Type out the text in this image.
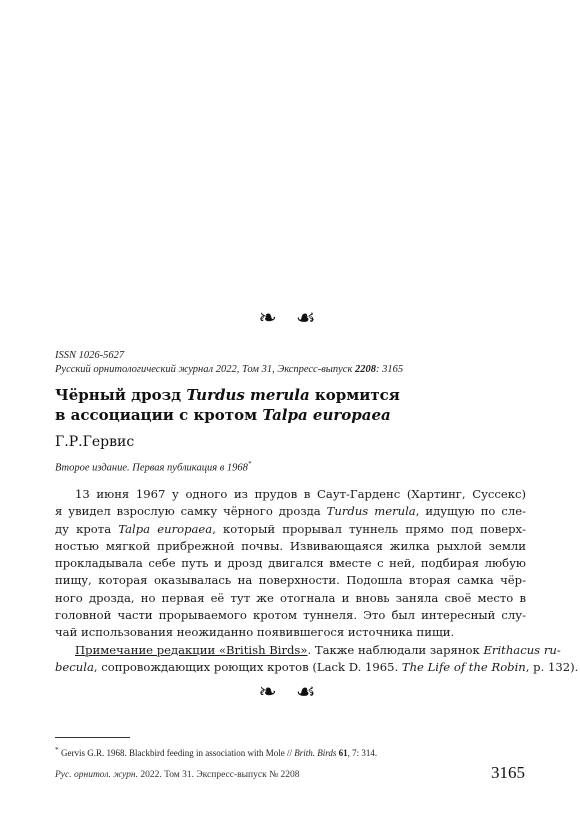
❧ ☙
ISSN 1026-5627
Русский орнитологический журнал 2022, Том 31, Экспресс-выпуск 2208: 3165
Чёрный дрозд Turdus merula кормится
в ассоциации с кротом Talpa europaea
Г.Р.Гервис
Второе издание. Первая публикация в 1968*
13 июня 1967 у одного из прудов в Саут-Гарденс (Хартинг, Суссекс)
я увидел взрослую самку чёрного дрозда Turdus merula, идущую по сле-
ду крота Talpa europaea, который прорывал туннель прямо под поверх-
ностью мягкой прибрежной почвы. Извивающаяся жилка рыхлой земли
прокладывала себе путь и дрозд двигался вместе с ней, подбирая любую
пищу, которая оказывалась на поверхности. Подошла вторая самка чёр-
ного дрозда, но первая её тут же отогнала и вновь заняла своё место в
головной части прорываемого кротом туннеля. Это был интересный слу-
чай использования неожиданно появившегося источника пищи.
Примечание редакции «British Birds». Также наблюдали зарянок Erithacus ru-
becula, сопровождающих роющих кротов (Lack D. 1965. The Life of the Robin, p. 132).
❧ ☙
* Gervis G.R. 1968. Blackbird feeding in association with Mole // Brith. Birds 61, 7: 314.
Рус. орнитол. журн. 2022. Том 31. Экспресс-выпуск № 2208	3165
